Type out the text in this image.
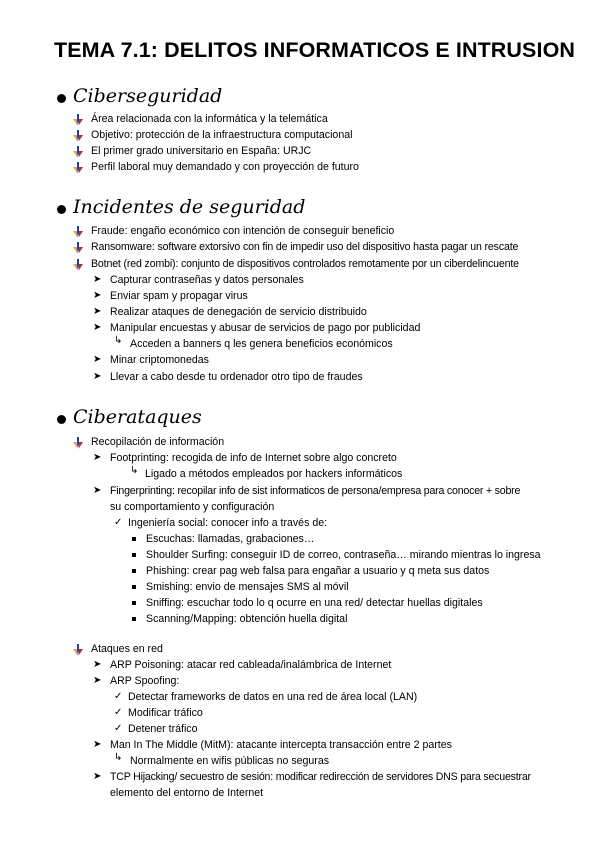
TEMA 7.1: DELITOS INFORMATICOS E INTRUSION
Ciberseguridad
Área relacionada con la informática y la telemática
Objetivo: protección de la infraestructura computacional
El primer grado universitario en España: URJC
Perfil laboral muy demandado y con proyección de futuro
Incidentes de seguridad
Fraude: engaño económico con intención de conseguir beneficio
Ransomware: software extorsivo con fin de impedir uso del dispositivo hasta pagar un rescate
Botnet (red zombi): conjunto de dispositivos controlados remotamente por un ciberdelincuente
➤ Capturar contraseñas y datos personales
➤ Enviar spam y propagar virus
➤ Realizar ataques de denegación de servicio distribuido
➤ Manipular encuestas y abusar de servicios de pago por publicidad
↳ Acceden a banners q les genera beneficios económicos
➤ Minar criptomonedas
➤ Llevar a cabo desde tu ordenador otro tipo de fraudes
Ciberataques
Recopilación de información
➤ Footprinting: recogida de info de Internet sobre algo concreto
↳ Ligado a métodos empleados por hackers informáticos
➤ Fingerprinting: recopilar info de sist informaticos de persona/empresa para conocer + sobre
su comportamiento y configuración
✓ Ingeniería social: conocer info a través de:
Escuchas: llamadas, grabaciones…
Shoulder Surfing: conseguir ID de correo, contraseña… mirando mientras lo ingresa
Phishing: crear pag web falsa para engañar a usuario y q meta sus datos
Smishing: envio de mensajes SMS al móvil
Sniffing: escuchar todo lo q ocurre en una red/ detectar huellas digitales
Scanning/Mapping: obtención huella digital
Ataques en red
➤ ARP Poisoning: atacar red cableada/inalámbrica de Internet
➤ ARP Spoofing:
✓ Detectar frameworks de datos en una red de área local (LAN)
✓ Modificar tráfico
✓ Detener tráfico
➤ Man In The Middle (MitM): atacante intercepta transacción entre 2 partes
↳ Normalmente en wifis públicas no seguras
➤ TCP Hijacking/ secuestro de sesión: modificar redirección de servidores DNS para secuestrar
elemento del entorno de Internet
